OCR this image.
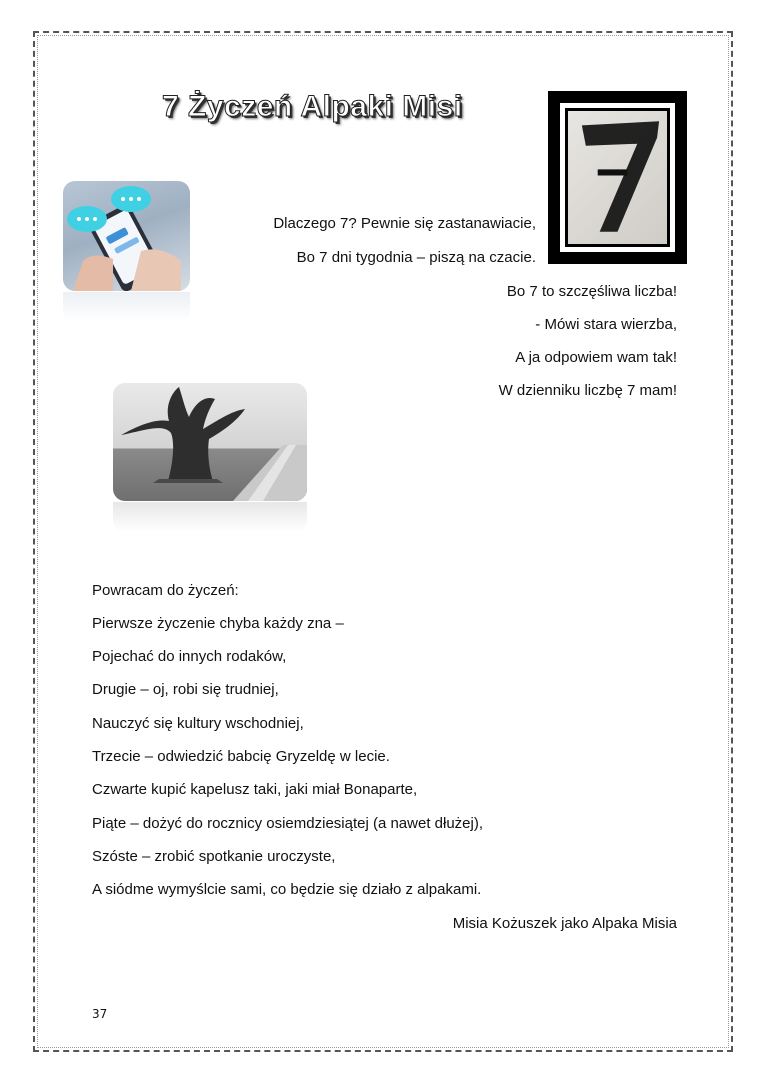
7 Życzeń Alpaki Misi
Dlaczego 7? Pewnie się zastanawiacie,
Bo 7 dni tygodnia – piszą na czacie.
Bo 7 to szczęśliwa liczba!
- Mówi stara wierzba,
A ja odpowiem wam tak!
W dzienniku liczbę 7 mam!
Powracam do życzeń:
Pierwsze życzenie chyba każdy zna –
Pojechać do innych rodaków,
Drugie – oj, robi się trudniej,
Nauczyć się kultury wschodniej,
Trzecie – odwiedzić babcię Gryzeldę w lecie.
Czwarte kupić kapelusz taki, jaki miał Bonaparte,
Piąte – dożyć do rocznicy osiemdziesiątej (a nawet dłużej),
Szóste – zrobić spotkanie uroczyste,
A siódme wymyślcie sami, co będzie się działo z alpakami.
Misia Kożuszek jako Alpaka Misia
37
